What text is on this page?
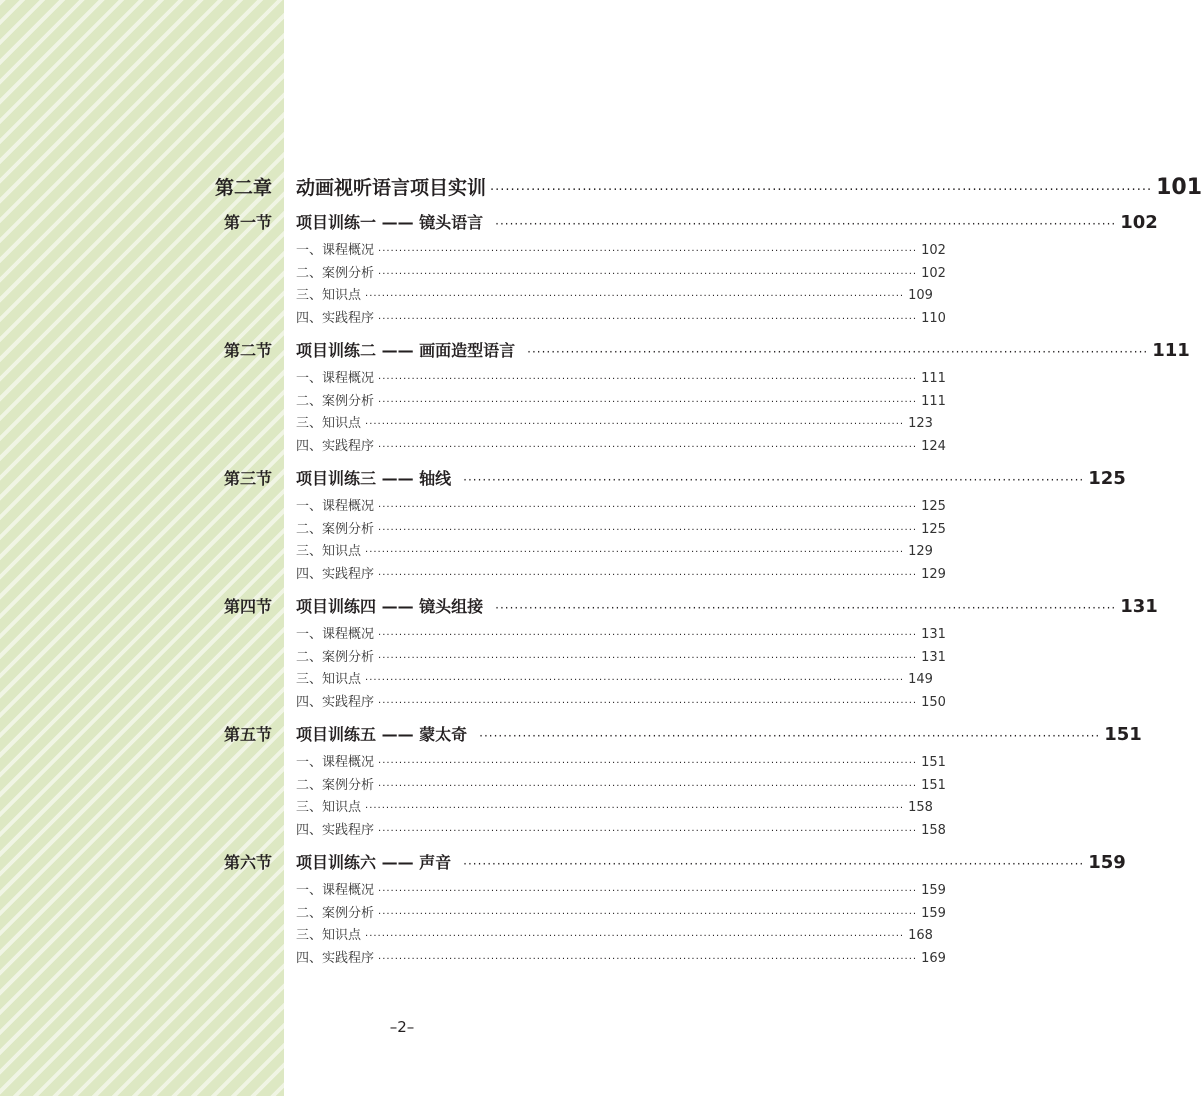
第二章 动画视听语言项目实训 ································································································································· 101
第一节 项目训练一 —— 镜头语言 ································································································································· 102
一、课程概况 ································································································································· 102
二、案例分析 ································································································································· 102
三、知识点 ································································································································· 109
四、实践程序 ································································································································· 110
第二节 项目训练二 —— 画面造型语言 ································································································································· 111
一、课程概况 ································································································································· 111
二、案例分析 ································································································································· 111
三、知识点 ································································································································· 123
四、实践程序 ································································································································· 124
第三节 项目训练三 —— 轴线 ································································································································· 125
一、课程概况 ································································································································· 125
二、案例分析 ································································································································· 125
三、知识点 ································································································································· 129
四、实践程序 ································································································································· 129
第四节 项目训练四 —— 镜头组接 ································································································································· 131
一、课程概况 ································································································································· 131
二、案例分析 ································································································································· 131
三、知识点 ································································································································· 149
四、实践程序 ································································································································· 150
第五节 项目训练五 —— 蒙太奇 ································································································································· 151
一、课程概况 ································································································································· 151
二、案例分析 ································································································································· 151
三、知识点 ································································································································· 158
四、实践程序 ································································································································· 158
第六节 项目训练六 —— 声音 ································································································································· 159
一、课程概况 ································································································································· 159
二、案例分析 ································································································································· 159
三、知识点 ································································································································· 168
四、实践程序 ································································································································· 169
–2–
